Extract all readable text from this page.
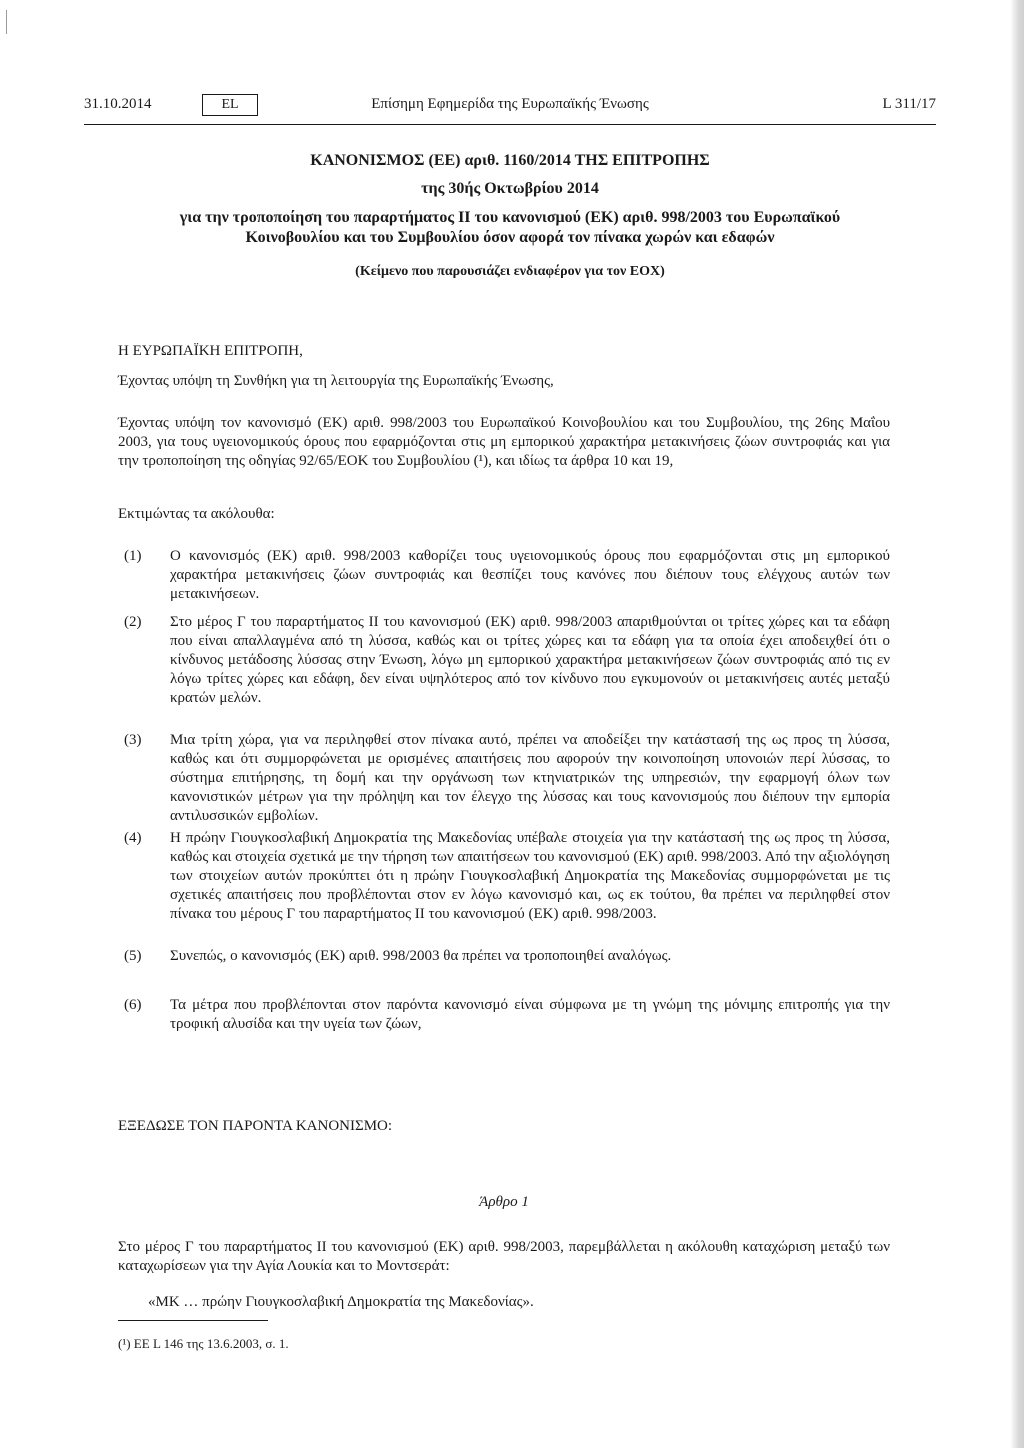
Επίσημη Εφημερίδα της Ευρωπαϊκής Ένωσης
31.10.2014	EL	L 311/17
ΚΑΝΟΝΙΣΜΟΣ (ΕΕ) αριθ. 1160/2014 ΤΗΣ ΕΠΙΤΡΟΠΗΣ
της 30ής Οκτωβρίου 2014
για την τροποποίηση του παραρτήματος II του κανονισμού (ΕΚ) αριθ. 998/2003 του Ευρωπαϊκού Κοινοβουλίου και του Συμβουλίου όσον αφορά τον πίνακα χωρών και εδαφών
(Κείμενο που παρουσιάζει ενδιαφέρον για τον ΕΟΧ)
Η ΕΥΡΩΠΑΪΚΗ ΕΠΙΤΡΟΠΗ,
Έχοντας υπόψη τη Συνθήκη για τη λειτουργία της Ευρωπαϊκής Ένωσης,
Έχοντας υπόψη τον κανονισμό (ΕΚ) αριθ. 998/2003 του Ευρωπαϊκού Κοινοβουλίου και του Συμβουλίου, της 26ης Μαΐου 2003, για τους υγειονομικούς όρους που εφαρμόζονται στις μη εμπορικού χαρακτήρα μετακινήσεις ζώων συντροφιάς και για την τροποποίηση της οδηγίας 92/65/ΕΟΚ του Συμβουλίου (¹), και ιδίως τα άρθρα 10 και 19,
Εκτιμώντας τα ακόλουθα:
(1)	Ο κανονισμός (ΕΚ) αριθ. 998/2003 καθορίζει τους υγειονομικούς όρους που εφαρμόζονται στις μη εμπορικού χαρακτήρα μετακινήσεις ζώων συντροφιάς και θεσπίζει τους κανόνες που διέπουν τους ελέγχους αυτών των μετακινήσεων.
(2)	Στο μέρος Γ του παραρτήματος II του κανονισμού (ΕΚ) αριθ. 998/2003 απαριθμούνται οι τρίτες χώρες και τα εδάφη που είναι απαλλαγμένα από τη λύσσα, καθώς και οι τρίτες χώρες και τα εδάφη για τα οποία έχει αποδειχθεί ότι ο κίνδυνος μετάδοσης λύσσας στην Ένωση, λόγω μη εμπορικού χαρακτήρα μετακινήσεων ζώων συντροφιάς από τις εν λόγω τρίτες χώρες και εδάφη, δεν είναι υψηλότερος από τον κίνδυνο που εγκυμονούν οι μετακινήσεις αυτές μεταξύ κρατών μελών.
(3)	Μια τρίτη χώρα, για να περιληφθεί στον πίνακα αυτό, πρέπει να αποδείξει την κατάστασή της ως προς τη λύσσα, καθώς και ότι συμμορφώνεται με ορισμένες απαιτήσεις που αφορούν την κοινοποίηση υπονοιών περί λύσσας, το σύστημα επιτήρησης, τη δομή και την οργάνωση των κτηνιατρικών της υπηρεσιών, την εφαρμογή όλων των κανονιστικών μέτρων για την πρόληψη και τον έλεγχο της λύσσας και τους κανονισμούς που διέπουν την εμπορία αντιλυσσικών εμβολίων.
(4)	Η πρώην Γιουγκοσλαβική Δημοκρατία της Μακεδονίας υπέβαλε στοιχεία για την κατάστασή της ως προς τη λύσσα, καθώς και στοιχεία σχετικά με την τήρηση των απαιτήσεων του κανονισμού (ΕΚ) αριθ. 998/2003. Από την αξιολόγηση των στοιχείων αυτών προκύπτει ότι η πρώην Γιουγκοσλαβική Δημοκρατία της Μακεδονίας συμμορφώνεται με τις σχετικές απαιτήσεις που προβλέπονται στον εν λόγω κανονισμό και, ως εκ τούτου, θα πρέπει να περιληφθεί στον πίνακα του μέρους Γ του παραρτήματος II του κανονισμού (ΕΚ) αριθ. 998/2003.
(5)	Συνεπώς, ο κανονισμός (ΕΚ) αριθ. 998/2003 θα πρέπει να τροποποιηθεί αναλόγως.
(6)	Τα μέτρα που προβλέπονται στον παρόντα κανονισμό είναι σύμφωνα με τη γνώμη της μόνιμης επιτροπής για την τροφική αλυσίδα και την υγεία των ζώων,
ΕΞΕΔΩΣΕ ΤΟΝ ΠΑΡΟΝΤΑ ΚΑΝΟΝΙΣΜΟ:
Άρθρο 1
Στο μέρος Γ του παραρτήματος II του κανονισμού (ΕΚ) αριθ. 998/2003, παρεμβάλλεται η ακόλουθη καταχώριση μεταξύ των καταχωρίσεων για την Αγία Λουκία και το Μοντσεράτ:
«ΜΚ … πρώην Γιουγκοσλαβική Δημοκρατία της Μακεδονίας».
(¹) ΕΕ L 146 της 13.6.2003, σ. 1.
